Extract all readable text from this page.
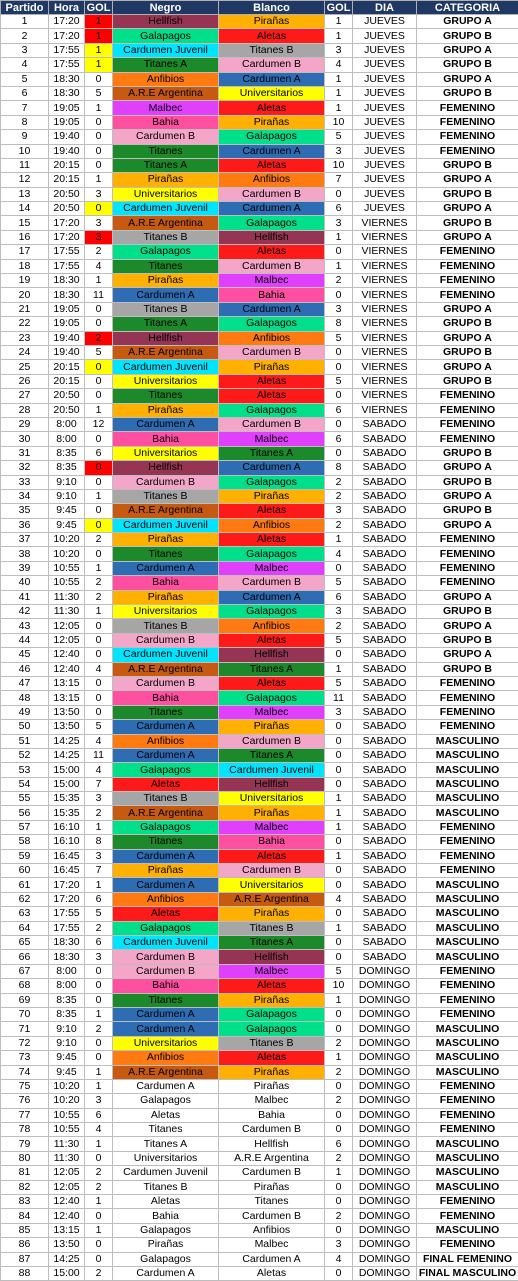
Partido	Hora	GOL	Negro	Blanco	GOL	DIA	CATEGORIA
1	17:20	1	Hellfish	Pirañas	1	JUEVES	GRUPO A
2	17:20	1	Galapagos	Aletas	1	JUEVES	GRUPO B
3	17:55	1	Cardumen Juvenil	Titanes B	3	JUEVES	GRUPO A
4	17:55	1	Titanes A	Cardumen B	4	JUEVES	GRUPO B
5	18:30	0	Anfibios	Cardumen A	1	JUEVES	GRUPO A
6	18:30	5	A.R.E Argentina	Universitarios	1	JUEVES	GRUPO B
7	19:05	1	Malbec	Aletas	1	JUEVES	FEMENINO
8	19:05	0	Bahia	Pirañas	10	JUEVES	FEMENINO
9	19:40	0	Cardumen B	Galapagos	5	JUEVES	FEMENINO
10	19:40	0	Titanes	Cardumen A	3	JUEVES	FEMENINO
11	20:15	0	Titanes A	Aletas	10	JUEVES	GRUPO B
12	20:15	1	Pirañas	Anfibios	7	JUEVES	GRUPO A
13	20:50	3	Universitarios	Cardumen B	0	JUEVES	GRUPO B
14	20:50	0	Cardumen Juvenil	Cardumen A	6	JUEVES	GRUPO A
15	17:20	3	A.R.E Argentina	Galapagos	3	VIERNES	GRUPO B
16	17:20	3	Titanes B	Hellfish	1	VIERNES	GRUPO A
17	17:55	2	Galapagos	Aletas	0	VIERNES	FEMENINO
18	17:55	4	Titanes	Cardumen B	1	VIERNES	FEMENINO
19	18:30	1	Pirañas	Malbec	2	VIERNES	FEMENINO
20	18:30	11	Cardumen A	Bahia	0	VIERNES	FEMENINO
21	19:05	0	Titanes B	Cardumen A	3	VIERNES	GRUPO A
22	19:05	0	Titanes A	Galapagos	8	VIERNES	GRUPO B
23	19:40	2	Hellfish	Anfibios	5	VIERNES	GRUPO A
24	19:40	5	A.R.E Argentina	Cardumen B	0	VIERNES	GRUPO B
25	20:15	0	Cardumen Juvenil	Pirañas	0	VIERNES	GRUPO A
26	20:15	0	Universitarios	Aletas	5	VIERNES	GRUPO B
27	20:50	0	Titanes	Aletas	0	VIERNES	FEMENINO
28	20:50	1	Pirañas	Galapagos	6	VIERNES	FEMENINO
29	8:00	12	Cardumen A	Cardumen B	0	SABADO	FEMENINO
30	8:00	0	Bahia	Malbec	6	SABADO	FEMENINO
31	8:35	6	Universitarios	Titanes A	0	SABADO	GRUPO B
32	8:35	0	Hellfish	Cardumen A	8	SABADO	GRUPO A
33	9:10	0	Cardumen B	Galapagos	2	SABADO	GRUPO B
34	9:10	1	Titanes B	Pirañas	2	SABADO	GRUPO A
35	9:45	0	A.R.E Argentina	Aletas	3	SABADO	GRUPO B
36	9:45	0	Cardumen Juvenil	Anfibios	2	SABADO	GRUPO A
37	10:20	2	Pirañas	Aletas	1	SABADO	FEMENINO
38	10:20	0	Titanes	Galapagos	4	SABADO	FEMENINO
39	10:55	1	Cardumen A	Malbec	0	SABADO	FEMENINO
40	10:55	2	Bahia	Cardumen B	5	SABADO	FEMENINO
41	11:30	2	Pirañas	Cardumen A	6	SABADO	GRUPO A
42	11:30	1	Universitarios	Galapagos	3	SABADO	GRUPO B
43	12:05	0	Titanes B	Anfibios	2	SABADO	GRUPO A
44	12:05	0	Cardumen B	Aletas	5	SABADO	GRUPO B
45	12:40	0	Cardumen Juvenil	Hellfish	0	SABADO	GRUPO A
46	12:40	4	A.R.E Argentina	Titanes A	1	SABADO	GRUPO B
47	13:15	0	Cardumen B	Aletas	5	SABADO	FEMENINO
48	13:15	0	Bahia	Galapagos	11	SABADO	FEMENINO
49	13:50	0	Titanes	Malbec	3	SABADO	FEMENINO
50	13:50	5	Cardumen A	Pirañas	0	SABADO	FEMENINO
51	14:25	4	Anfibios	Cardumen B	0	SABADO	MASCULINO
52	14:25	11	Cardumen A	Titanes A	0	SABADO	MASCULINO
53	15:00	4	Galapagos	Cardumen Juvenil	0	SABADO	MASCULINO
54	15:00	7	Aletas	Hellfish	0	SABADO	MASCULINO
55	15:35	3	Titanes B	Universitarios	1	SABADO	MASCULINO
56	15:35	2	A.R.E Argentina	Pirañas	1	SABADO	MASCULINO
57	16:10	1	Galapagos	Malbec	1	SABADO	FEMENINO
58	16:10	8	Titanes	Bahia	0	SABADO	FEMENINO
59	16:45	3	Cardumen A	Aletas	1	SABADO	FEMENINO
60	16:45	7	Pirañas	Cardumen B	0	SABADO	FEMENINO
61	17:20	1	Cardumen A	Universitarios	0	SABADO	MASCULINO
62	17:20	6	Anfibios	A.R.E Argentina	4	SABADO	MASCULINO
63	17:55	5	Aletas	Pirañas	0	SABADO	MASCULINO
64	17:55	2	Galapagos	Titanes B	1	SABADO	MASCULINO
65	18:30	6	Cardumen Juvenil	Titanes A	0	SABADO	MASCULINO
66	18:30	3	Cardumen B	Hellfish	0	SABADO	MASCULINO
67	8:00	0	Cardumen B	Malbec	5	DOMINGO	FEMENINO
68	8:00	0	Bahia	Aletas	10	DOMINGO	FEMENINO
69	8:35	0	Titanes	Pirañas	1	DOMINGO	FEMENINO
70	8:35	1	Cardumen A	Galapagos	0	DOMINGO	FEMENINO
71	9:10	2	Cardumen A	Galapagos	0	DOMINGO	MASCULINO
72	9:10	0	Universitarios	Titanes B	2	DOMINGO	MASCULINO
73	9:45	0	Anfibios	Aletas	1	DOMINGO	MASCULINO
74	9:45	1	A.R.E Argentina	Pirañas	2	DOMINGO	MASCULINO
75	10:20	1	Cardumen A	Pirañas	0	DOMINGO	FEMENINO
76	10:20	3	Galapagos	Malbec	2	DOMINGO	FEMENINO
77	10:55	6	Aletas	Bahia	0	DOMINGO	FEMENINO
78	10:55	4	Titanes	Cardumen B	0	DOMINGO	FEMENINO
79	11:30	1	Titanes A	Hellfish	6	DOMINGO	MASCULINO
80	11:30	0	Universitarios	A.R.E Argentina	2	DOMINGO	MASCULINO
81	12:05	2	Cardumen Juvenil	Cardumen B	1	DOMINGO	MASCULINO
82	12:05	2	Titanes B	Pirañas	0	DOMINGO	MASCULINO
83	12:40	1	Aletas	Titanes	0	DOMINGO	FEMENINO
84	12:40	0	Bahia	Cardumen B	2	DOMINGO	FEMENINO
85	13:15	1	Galapagos	Anfibios	0	DOMINGO	MASCULINO
86	13:50	0	Pirañas	Malbec	3	DOMINGO	FEMENINO
87	14:25	0	Galapagos	Cardumen A	4	DOMINGO	FINAL FEMENINO
88	15:00	2	Cardumen A	Aletas	0	DOMINGO	FINAL MASCULINO
